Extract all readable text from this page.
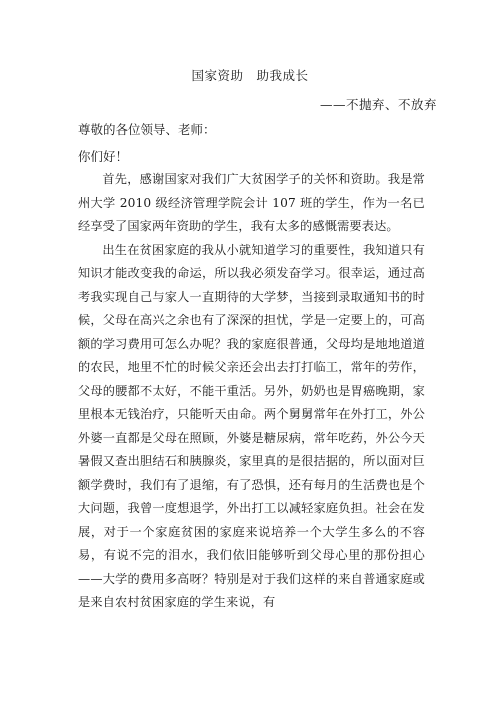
国家资助　助我成长
——不抛弃、不放弃
尊敬的各位领导、老师：
你们好！

首先，感谢国家对我们广大贫困学子的关怀和资助。我是常州大学 2010 级经济管理学院会计 107 班的学生，作为一名已经享受了国家两年资助的学生，我有太多的感慨需要表达。

出生在贫困家庭的我从小就知道学习的重要性，我知道只有知识才能改变我的命运，所以我必须发奋学习。很幸运，通过高考我实现自己与家人一直期待的大学梦，当接到录取通知书的时候，父母在高兴之余也有了深深的担忧，学是一定要上的，可高额的学习费用可怎么办呢？我的家庭很普通，父母均是地地道道的农民，地里不忙的时候父亲还会出去打打临工，常年的劳作，父母的腰都不太好，不能干重活。另外，奶奶也是胃癌晚期，家里根本无钱治疗，只能听天由命。两个舅舅常年在外打工，外公外婆一直都是父母在照顾，外婆是糖尿病，常年吃药，外公今天暑假又查出胆结石和胰腺炎，家里真的是很拮据的，所以面对巨额学费时，我们有了退缩，有了恐惧，还有每月的生活费也是个大问题，我曾一度想退学，外出打工以减轻家庭负担。社会在发展，对于一个家庭贫困的家庭来说培养一个大学生多么的不容易，有说不完的泪水，我们依旧能够听到父母心里的那份担心——大学的费用多高呀？特别是对于我们这样的来自普通家庭或是来自农村贫困家庭的学生来说，有
